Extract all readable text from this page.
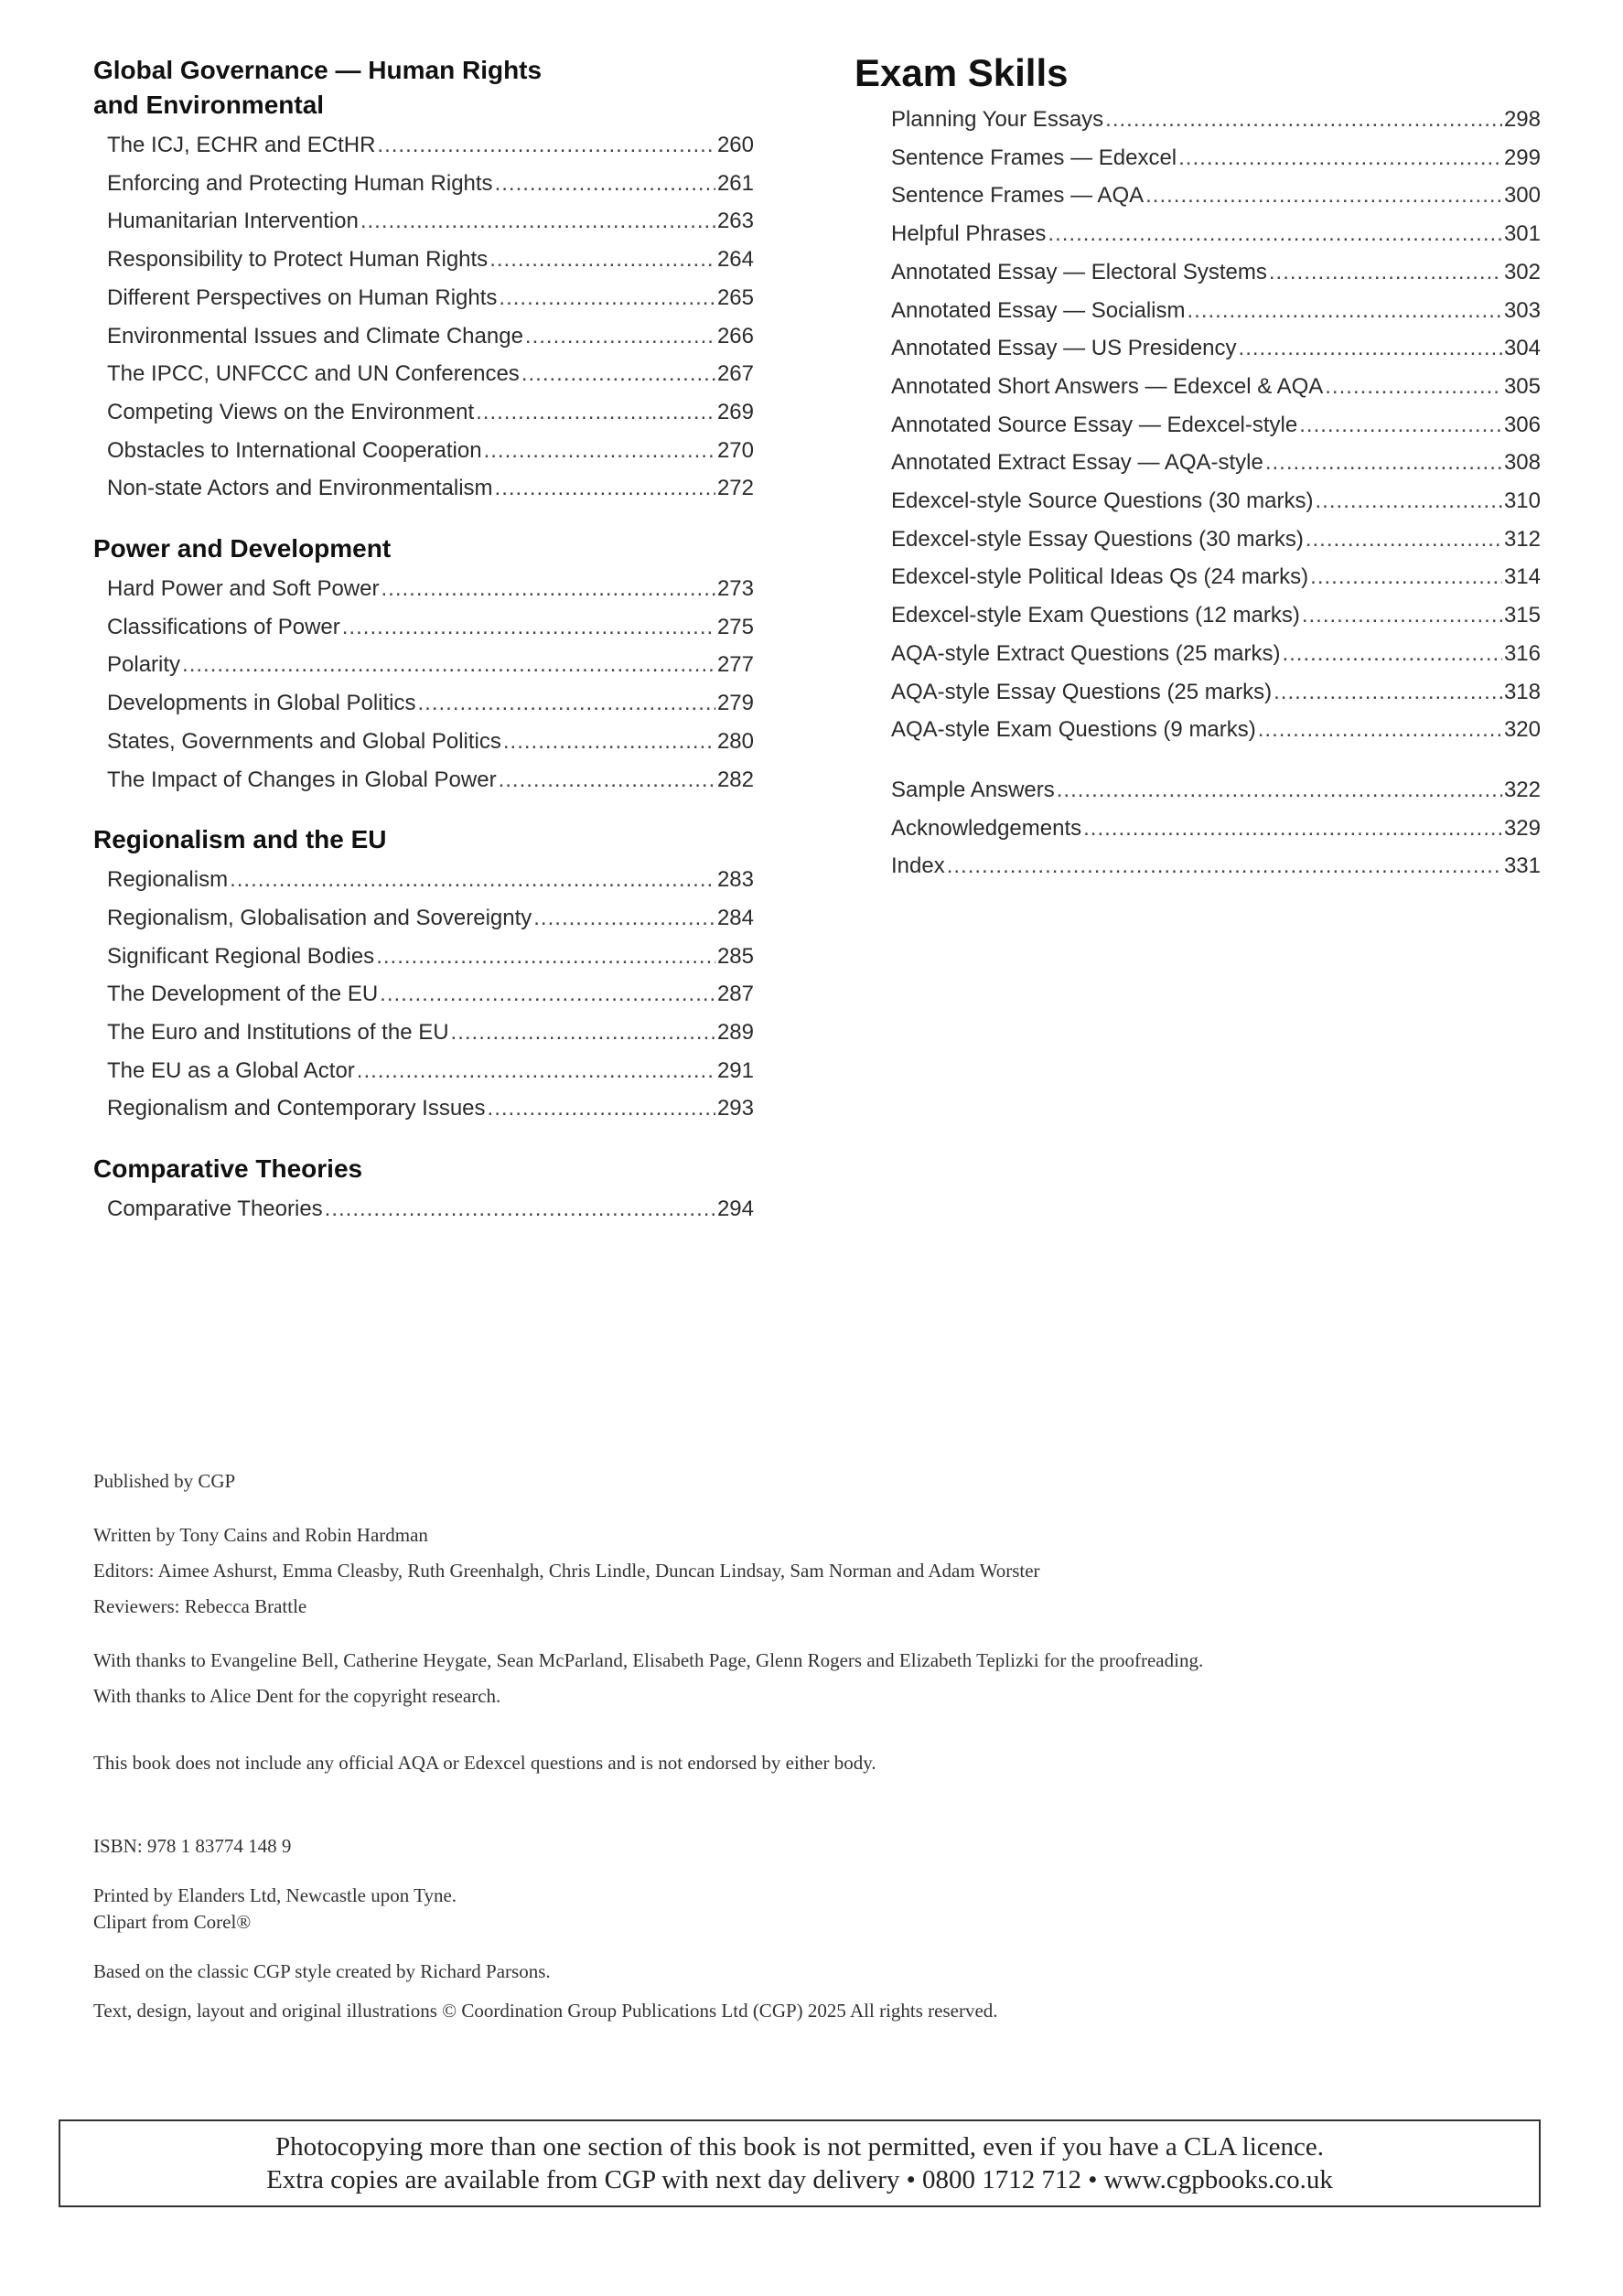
Global Governance — Human Rights
and Environmental
The ICJ, ECHR and ECtHR .....	260
Enforcing and Protecting Human Rights .....	261
Humanitarian Intervention .....	263
Responsibility to Protect Human Rights .....	264
Different Perspectives on Human Rights .....	265
Environmental Issues and Climate Change .....	266
The IPCC, UNFCCC and UN Conferences .....	267
Competing Views on the Environment .....	269
Obstacles to International Cooperation .....	270
Non-state Actors and Environmentalism .....	272
Power and Development
Hard Power and Soft Power .....	273
Classifications of Power .....	275
Polarity .....	277
Developments in Global Politics .....	279
States, Governments and Global Politics .....	280
The Impact of Changes in Global Power .....	282
Regionalism and the EU
Regionalism .....	283
Regionalism, Globalisation and Sovereignty .....	284
Significant Regional Bodies .....	285
The Development of the EU .....	287
The Euro and Institutions of the EU .....	289
The EU as a Global Actor .....	291
Regionalism and Contemporary Issues .....	293
Comparative Theories
Comparative Theories .....	294
Exam Skills
Planning Your Essays .....	298
Sentence Frames — Edexcel .....	299
Sentence Frames — AQA .....	300
Helpful Phrases .....	301
Annotated Essay — Electoral Systems .....	302
Annotated Essay — Socialism .....	303
Annotated Essay — US Presidency .....	304
Annotated Short Answers — Edexcel & AQA .....	305
Annotated Source Essay — Edexcel-style .....	306
Annotated Extract Essay — AQA-style .....	308
Edexcel-style Source Questions (30 marks) .....	310
Edexcel-style Essay Questions (30 marks) .....	312
Edexcel-style Political Ideas Qs (24 marks) .....	314
Edexcel-style Exam Questions (12 marks) .....	315
AQA-style Extract Questions (25 marks) .....	316
AQA-style Essay Questions (25 marks) .....	318
AQA-style Exam Questions (9 marks) .....	320
Sample Answers .....	322
Acknowledgements .....	329
Index .....	331
Published by CGP
Written by Tony Cains and Robin Hardman
Editors: Aimee Ashurst, Emma Cleasby, Ruth Greenhalgh, Chris Lindle, Duncan Lindsay, Sam Norman and Adam Worster
Reviewers: Rebecca Brattle
With thanks to Evangeline Bell, Catherine Heygate, Sean McParland, Elisabeth Page, Glenn Rogers and Elizabeth Teplizki for the proofreading.
With thanks to Alice Dent for the copyright research.
This book does not include any official AQA or Edexcel questions and is not endorsed by either body.
ISBN: 978 1 83774 148 9
Printed by Elanders Ltd, Newcastle upon Tyne.
Clipart from Corel®
Based on the classic CGP style created by Richard Parsons.
Text, design, layout and original illustrations © Coordination Group Publications Ltd (CGP) 2025 All rights reserved.
Photocopying more than one section of this book is not permitted, even if you have a CLA licence.
Extra copies are available from CGP with next day delivery • 0800 1712 712 • www.cgpbooks.co.uk
